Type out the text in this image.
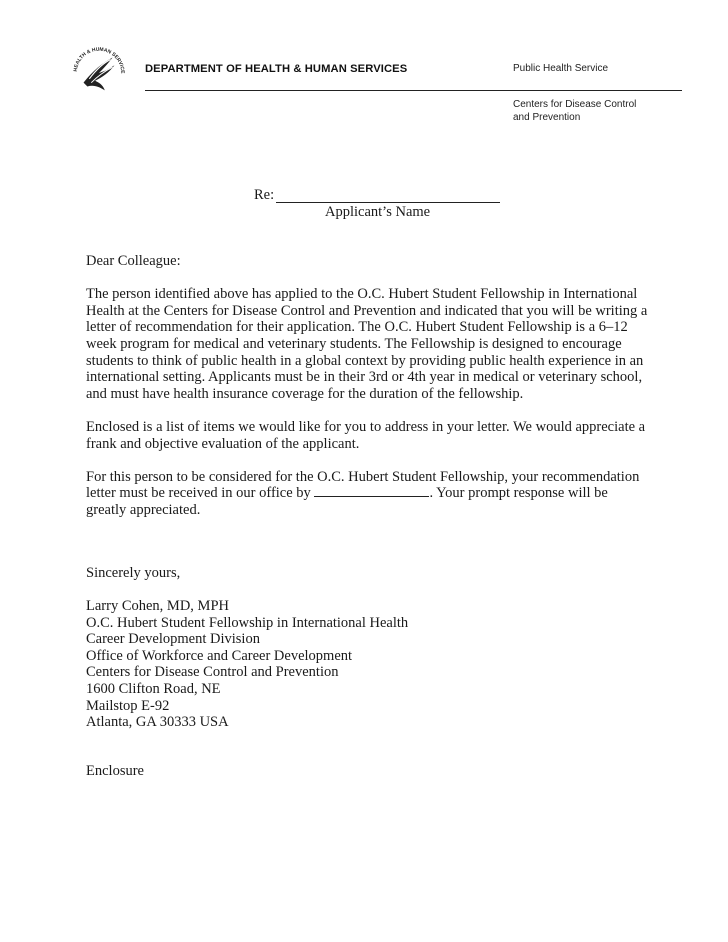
HEALTH & HUMAN SERVICE DEPARTMENT OF HEALTH & HUMAN SERVICES	Public Health Service
Centers for Disease Control
and Prevention
Re:
Applicant’s Name

Dear Colleague:

The person identified above has applied to the O.C. Hubert Student Fellowship in International
Health at the Centers for Disease Control and Prevention and indicated that you will be writing a
letter of recommendation for their application. The O.C. Hubert Student Fellowship is a 6–12
week program for medical and veterinary students. The Fellowship is designed to encourage
students to think of public health in a global context by providing public health experience in an
international setting. Applicants must be in their 3rd or 4th year in medical or veterinary school,
and must have health insurance coverage for the duration of the fellowship.

Enclosed is a list of items we would like for you to address in your letter. We would appreciate a
frank and objective evaluation of the applicant.

For this person to be considered for the O.C. Hubert Student Fellowship, your recommendation
letter must be received in our office by	. Your prompt response will be
greatly appreciated.

Sincerely yours,
Larry Cohen, MD, MPH
O.C. Hubert Student Fellowship in International Health
Career Development Division
Office of Workforce and Career Development
Centers for Disease Control and Prevention
1600 Clifton Road, NE
Mailstop E-92
Atlanta, GA 30333 USA
Enclosure
